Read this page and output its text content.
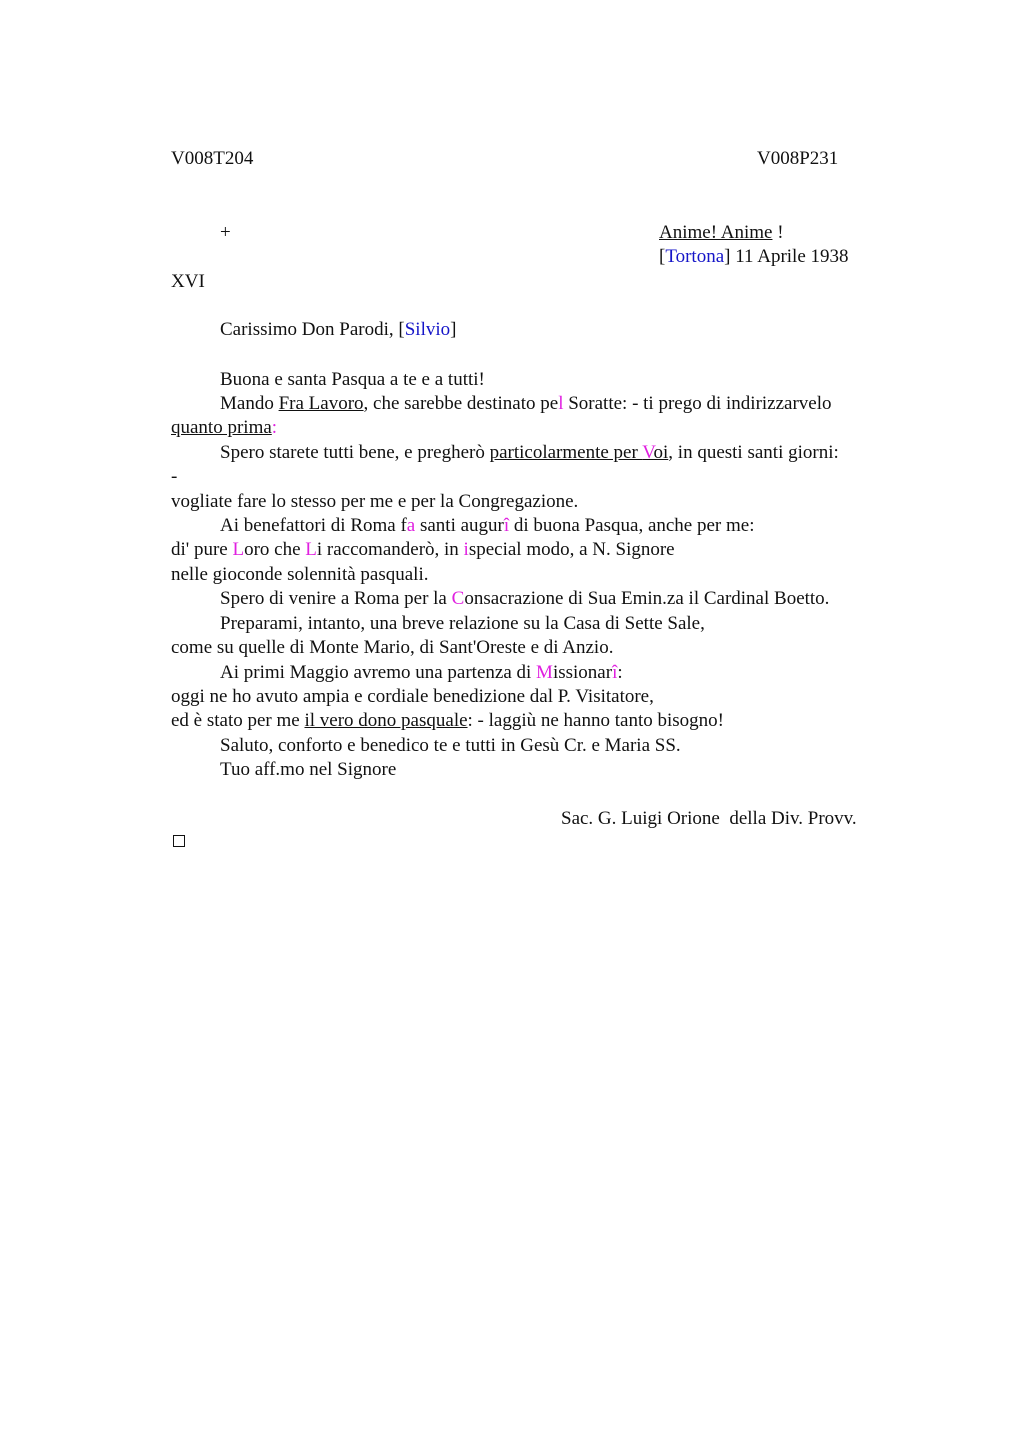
V008T204	V008P231
+	Anime! Anime !
[Tortona] 11 Aprile 1938
XVI
Carissimo Don Parodi, [Silvio]
Buona e santa Pasqua a te e a tutti!
Mando Fra Lavoro, che sarebbe destinato pel Soratte: - ti prego di indirizzarvelo
quanto prima:
Spero starete tutti bene, e pregherò particolarmente per Voi, in questi santi giorni:
-
vogliate fare lo stesso per me e per la Congregazione.
Ai benefattori di Roma fa santi augurî di buona Pasqua, anche per me:
di' pure Loro che Li raccomanderò, in ispecial modo, a N. Signore
nelle gioconde solennità pasquali.
Spero di venire a Roma per la Consacrazione di Sua Emin.za il Cardinal Boetto.
Preparami, intanto, una breve relazione su la Casa di Sette Sale,
come su quelle di Monte Mario, di Sant'Oreste e di Anzio.
Ai primi Maggio avremo una partenza di Missionarî:
oggi ne ho avuto ampia e cordiale benedizione dal P. Visitatore,
ed è stato per me il vero dono pasquale: - laggiù ne hanno tanto bisogno!
Saluto, conforto e benedico te e tutti in Gesù Cr. e Maria SS.
Tuo aff.mo nel Signore
Sac. G. Luigi Orione  della Div. Provv.
